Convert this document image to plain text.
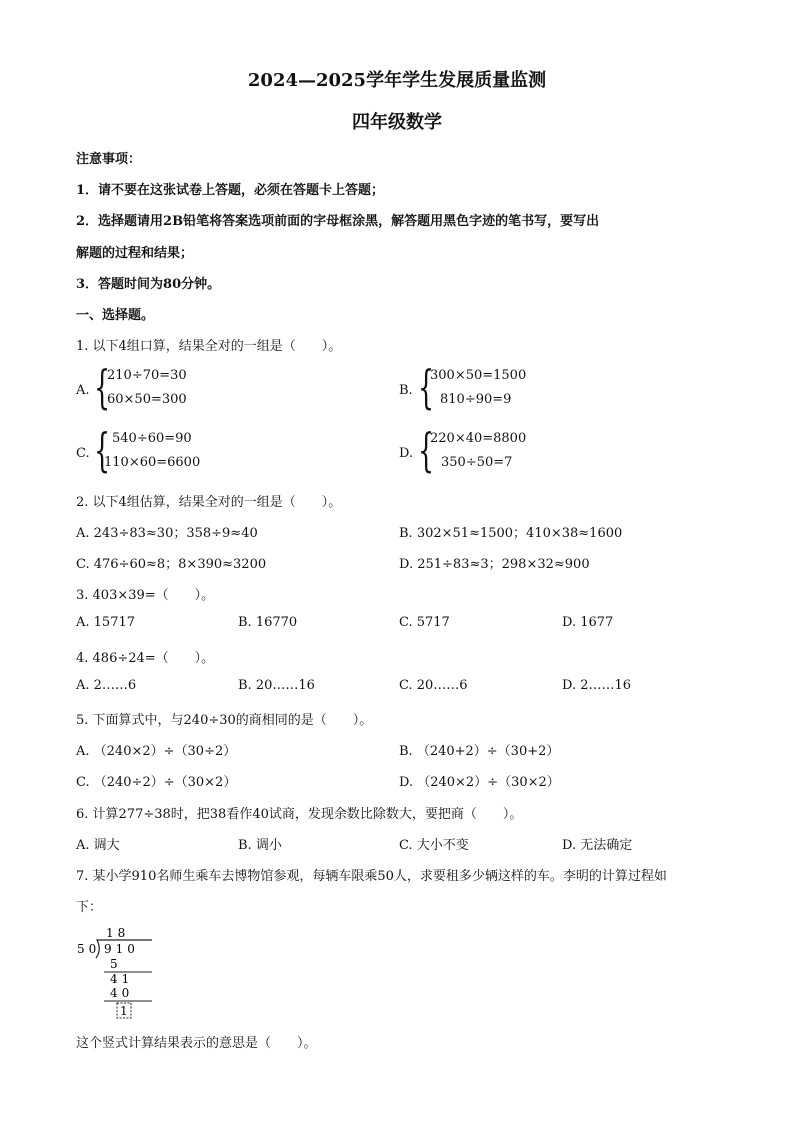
2024—2025学年学生发展质量监测
四年级数学
注意事项：
1．请不要在这张试卷上答题，必须在答题卡上答题；
2．选择题请用2B铅笔将答案选项前面的字母框涂黑，解答题用黑色字迹的笔书写，要写出
解题的过程和结果；
3．答题时间为80分钟。
一、选择题。
1. 以下4组口算，结果全对的一组是（　　）。
A. {
210÷70=30
60×50=300
B. {
300×50=1500
810÷90=9
C. { 540÷60=90
110×60=6600
D. {
220×40=8800
350÷50=7
2. 以下4组估算，结果全对的一组是（　　）。
A. 243÷83≈30；358÷9≈40	B. 302×51≈1500；410×38≈1600
C. 476÷60≈8；8×390≈3200	D. 251÷83≈3；298×32≈900
3. 403×39=（　　）。
A. 15717	B. 16770	C. 5717	D. 1677
4. 486÷24=（　　）。
A. 2……6	B. 20……16	C. 20……6	D. 2……16
5. 下面算式中，与240÷30的商相同的是（　　）。
A. （240×2）÷（30÷2）	B. （240+2）÷（30+2）
C. （240÷2）÷（30×2）	D. （240×2）÷（30×2）
6. 计算277÷38时，把38看作40试商，发现余数比除数大，要把商（　　）。
A. 调大	B. 调小	C. 大小不变	D. 无法确定
7. 某小学910名师生乘车去博物馆参观，每辆车限乘50人，求要租多少辆这样的车。李明的计算过程如
下：
18
50 910
5
41
40
1
这个竖式计算结果表示的意思是（　　）。
